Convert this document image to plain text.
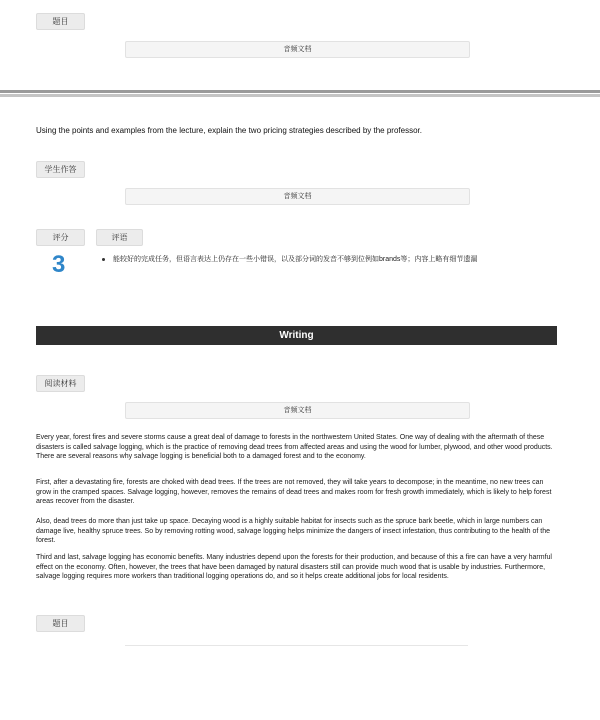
题目
音频文档
Using the points and examples from the lecture, explain the two pricing strategies described by the professor.
学生作答
音频文档
评分	评语
3	能较好的完成任务，但语言表达上仍存在一些小错误，以及部分词的发音不够到位例如brands等；内容上略有细节遗漏
Writing
阅读材料
音频文档
Every year, forest fires and severe storms cause a great deal of damage to forests in the northwestern United States. One way of dealing with the aftermath of these disasters is called salvage logging, which is the practice of removing dead trees from affected areas and using the wood for lumber, plywood, and other wood products. There are several reasons why salvage logging is beneficial both to a damaged forest and to the economy.
First, after a devastating fire, forests are choked with dead trees. If the trees are not removed, they will take years to decompose; in the meantime, no new trees can grow in the cramped spaces. Salvage logging, however, removes the remains of dead trees and makes room for fresh growth immediately, which is likely to help forest areas recover from the disaster.
Also, dead trees do more than just take up space. Decaying wood is a highly suitable habitat for insects such as the spruce bark beetle, which in large numbers can damage live, healthy spruce trees. So by removing rotting wood, salvage logging helps minimize the dangers of insect infestation, thus contributing to the health of the forest.
Third and last, salvage logging has economic benefits. Many industries depend upon the forests for their production, and because of this a fire can have a very harmful effect on the economy. Often, however, the trees that have been damaged by natural disasters still can provide much wood that is usable by industries. Furthermore, salvage logging requires more workers than traditional logging operations do, and so it helps create additional jobs for local residents.
题目
